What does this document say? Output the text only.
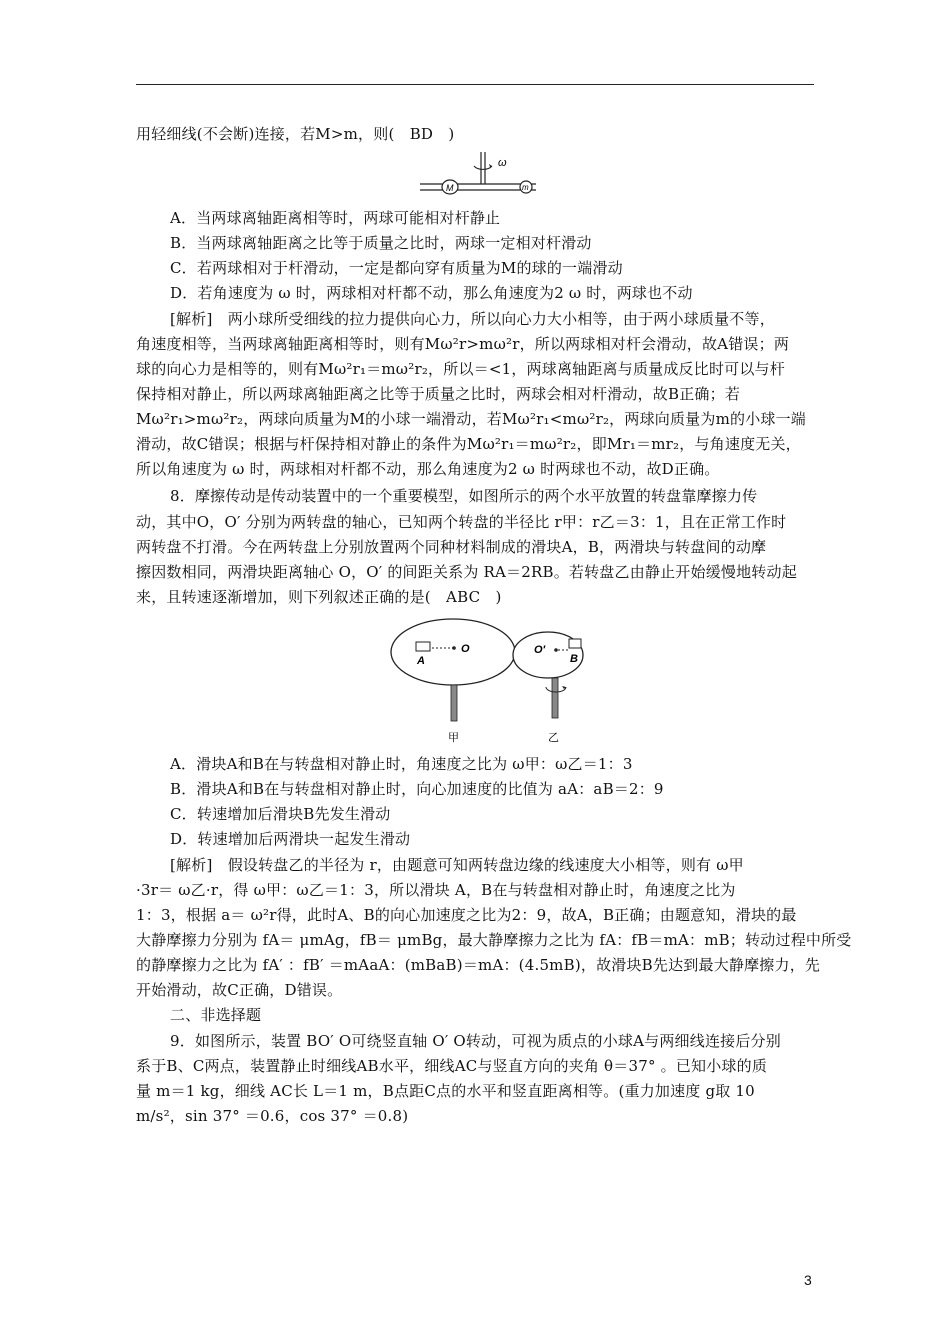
用轻细线(不会断)连接，若M>m，则(　BD　)
ω
M	m
A．当两球离轴距离相等时，两球可能相对杆静止
B．当两球离轴距离之比等于质量之比时，两球一定相对杆滑动
C．若两球相对于杆滑动，一定是都向穿有质量为M的球的一端滑动
D．若角速度为 ω 时，两球相对杆都不动，那么角速度为2 ω 时，两球也不动
[解析]　两小球所受细线的拉力提供向心力，所以向心力大小相等，由于两小球质量不等，
角速度相等，当两球离轴距离相等时，则有Mω²r>mω²r，所以两球相对杆会滑动，故A错误；两
球的向心力是相等的，则有Mω²r₁＝mω²r₂，所以＝<1，两球离轴距离与质量成反比时可以与杆
保持相对静止，所以两球离轴距离之比等于质量之比时，两球会相对杆滑动，故B正确；若
Mω²r₁>mω²r₂，两球向质量为M的小球一端滑动，若Mω²r₁<mω²r₂，两球向质量为m的小球一端
滑动，故C错误；根据与杆保持相对静止的条件为Mω²r₁＝mω²r₂，即Mr₁＝mr₂，与角速度无关，
所以角速度为 ω 时，两球相对杆都不动，那么角速度为2 ω 时两球也不动，故D正确。
8．摩擦传动是传动装置中的一个重要模型，如图所示的两个水平放置的转盘靠摩擦力传
动，其中O，O′ 分别为两转盘的轴心，已知两个转盘的半径比 r甲：r乙＝3：1，且在正常工作时
两转盘不打滑。今在两转盘上分别放置两个同种材料制成的滑块A，B，两滑块与转盘间的动摩
擦因数相同，两滑块距离轴心 O，O′ 的间距关系为 RA＝2RB。若转盘乙由静止开始缓慢地转动起
来，且转速逐渐增加，则下列叙述正确的是(　ABC　)
A
O	O′
B
甲	乙
A．滑块A和B在与转盘相对静止时，角速度之比为 ω甲：ω乙＝1：3
B．滑块A和B在与转盘相对静止时，向心加速度的比值为 aA：aB＝2：9
C．转速增加后滑块B先发生滑动
D．转速增加后两滑块一起发生滑动
[解析]　假设转盘乙的半径为 r，由题意可知两转盘边缘的线速度大小相等，则有 ω甲
·3r＝ ω乙·r，得 ω甲：ω乙＝1：3，所以滑块 A，B在与转盘相对静止时，角速度之比为
1：3，根据 a＝ ω²r得，此时A、B的向心加速度之比为2：9，故A，B正确；由题意知，滑块的最
大静摩擦力分别为 fA＝ μmAg，fB＝ μmBg，最大静摩擦力之比为 fA：fB＝mA：mB；转动过程中所受
的静摩擦力之比为 fA′ ：fB′ ＝mAaA：(mBaB)＝mA：(4.5mB)，故滑块B先达到最大静摩擦力，先
开始滑动，故C正确，D错误。
二、非选择题
9．如图所示，装置 BO′ O可绕竖直轴 O′ O转动，可视为质点的小球A与两细线连接后分别
系于B、C两点，装置静止时细线AB水平，细线AC与竖直方向的夹角 θ＝37° 。已知小球的质
量 m＝1 kg，细线 AC长 L＝1 m，B点距C点的水平和竖直距离相等。(重力加速度 g取 10
m/s²，sin 37° ＝0.6，cos 37° ＝0.8)
3
